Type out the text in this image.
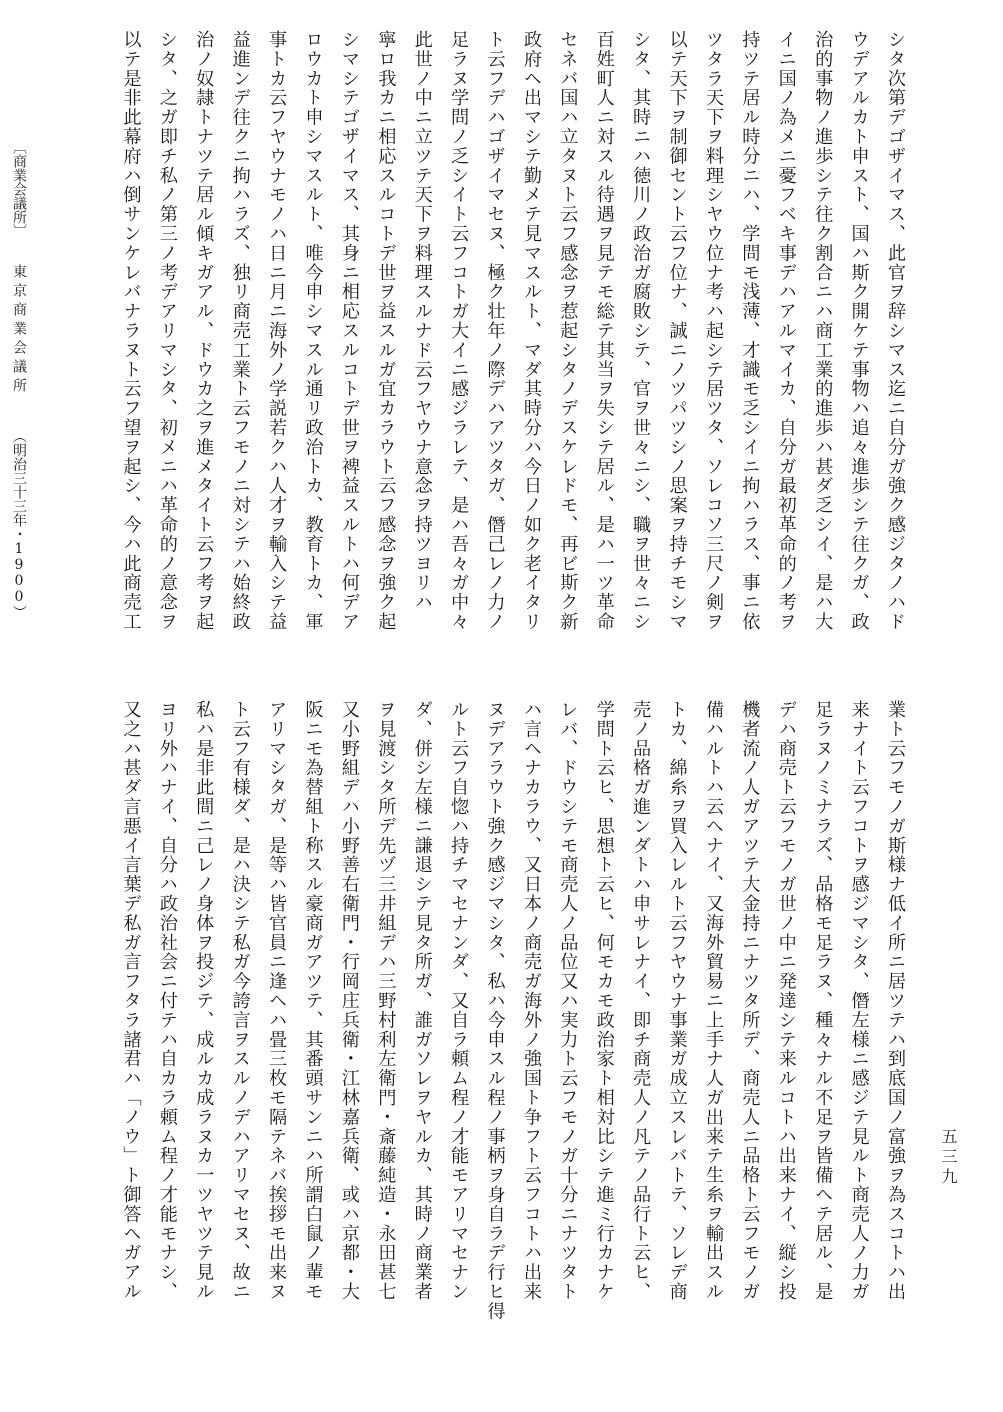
シタ次第デゴザイマス、此官ヲ辞シマス迄ニ自分ガ強ク感ジタノハド
ウデアルカト申スト、国ハ斯ク開ケテ事物ハ追々進歩シテ往クガ、政
治的事物ノ進歩シテ往ク割合ニハ商工業的進歩ハ甚ダ乏シイ、是ハ大
イニ国ノ為メニ憂フベキ事デハアルマイカ、自分ガ最初革命的ノ考ヲ
持ツテ居ル時分ニハ、学問モ浅薄、才識モ乏シイニ拘ハラス、事ニ依
ツタラ天下ヲ料理シヤウ位ナ考ハ起シテ居ツタ、ソレコソ三尺ノ剣ヲ
以テ天下ヲ制御セント云フ位ナ、誠ニノツパツシノ思案ヲ持チモシマ
シタ、其時ニハ徳川ノ政治ガ腐敗シテ、官ヲ世々ニシ、職ヲ世々ニシ
百姓町人ニ対スル待遇ヲ見テモ総テ其当ヲ失シテ居ル、是ハ一ツ革命
セネバ国ハ立タヌト云フ感念ヲ惹起シタノデスケレドモ、再ビ斯ク新
政府ヘ出マシテ勤メテ見マスルト、マダ其時分ハ今日ノ如ク老イタリ
ト云フデハゴザイマセヌ、極ク壮年ノ際デハアツタガ、僭己レノ力ノ
足ラヌ学問ノ乏シイト云フコトガ大イニ感ジラレテ、是ハ吾々ガ中々
此世ノ中ニ立ツテ天下ヲ料理スルナド云フヤウナ意念ヲ持ツヨリハ
寧ロ我カニ相応スルコトデ世ヲ益スルガ宜カラウト云フ感念ヲ強ク起
シマシテゴザイマス、其身ニ相応スルコトデ世ヲ裨益スルトハ何デア
ロウカト申シマスルト、唯今申シマスル通リ政治トカ、教育トカ、軍
事トカ云フヤウナモノハ日ニ月ニ海外ノ学説若クハ人才ヲ輸入シテ益
益進ンデ往クニ拘ハラズ、独リ商売工業ト云フモノニ対シテハ始終政
治ノ奴隷トナツテ居ル傾キガアル、ドウカ之ヲ進メタイト云フ考ヲ起
シタ、之ガ即チ私ノ第三ノ考デアリマシタ、初メニハ革命的ノ意念ヲ
以テ是非此幕府ハ倒サンケレバナラヌト云フ望ヲ起シ、今ハ此商売工
業ト云フモノガ斯様ナ低イ所ニ居ツテハ到底国ノ富強ヲ為スコトハ出
来ナイト云フコトヲ感ジマシタ、僭左様ニ感ジテ見ルト商売人ノ力ガ
足ラヌノミナラズ、品格モ足ラヌ、種々ナル不足ヲ皆備ヘテ居ル、是
デハ商売ト云フモノガ世ノ中ニ発達シテ来ルコトハ出来ナイ、縦シ投
機者流ノ人ガアツテ大金持ニナツタ所デ、商売人ニ品格ト云フモノガ
備ハルトハ云ヘナイ、又海外貿易ニ上手ナ人ガ出来テ生糸ヲ輸出スル
トカ、綿糸ヲ買入レルト云フヤウナ事業ガ成立スレバトテ、ソレデ商
売ノ品格ガ進ンダトハ申サレナイ、即チ商売人ノ凡テノ品行ト云ヒ、
学問ト云ヒ、思想ト云ヒ、何モカモ政治家ト相対比シテ進ミ行カナケ
レバ、ドウシテモ商売人ノ品位又ハ実力ト云フモノガ十分ニナツタト
ハ言ヘナカラウ、又日本ノ商売ガ海外ノ強国ト争フト云フコトハ出来
ヌデアラウト強ク感ジマシタ、私ハ今申スル程ノ事柄ヲ身自ラデ行ヒ得
ルト云フ自惚ハ持チマセナンダ、又自ラ頼ム程ノ才能モアリマセナン
ダ、併シ左様ニ謙退シテ見タ所ガ、誰ガソレヲヤルカ、其時ノ商業者
ヲ見渡シタ所デ先ヅ三井組デハ三野村利左衛門・斎藤純造・永田甚七
又小野組デハ小野善右衛門・行岡庄兵衛・江林嘉兵衛、或ハ京都・大
阪ニモ為替組ト称スル豪商ガアツテ、其番頭サンニハ所謂白鼠ノ輩モ
アリマシタガ、是等ハ皆官員ニ逢ヘハ畳三枚モ隔テネバ挨拶モ出来ヌ
ト云フ有様ダ、是ハ決シテ私ガ今誇言ヲスルノデハアリマセヌ、故ニ
私ハ是非此間ニ己レノ身体ヲ投ジテ、成ルカ成ラヌカ一ツヤツテ見ル
ヨリ外ハナイ、自分ハ政治社会ニ付テハ自カラ頼ム程ノ才能モナシ、
又之ハ甚ダ言悪イ言葉デ私ガ言フタラ諸君ハ「ノウ」ト御答ヘガアル	五三九
〔商業会議所〕 東京商業会議所 （明治三十三年・1900）
